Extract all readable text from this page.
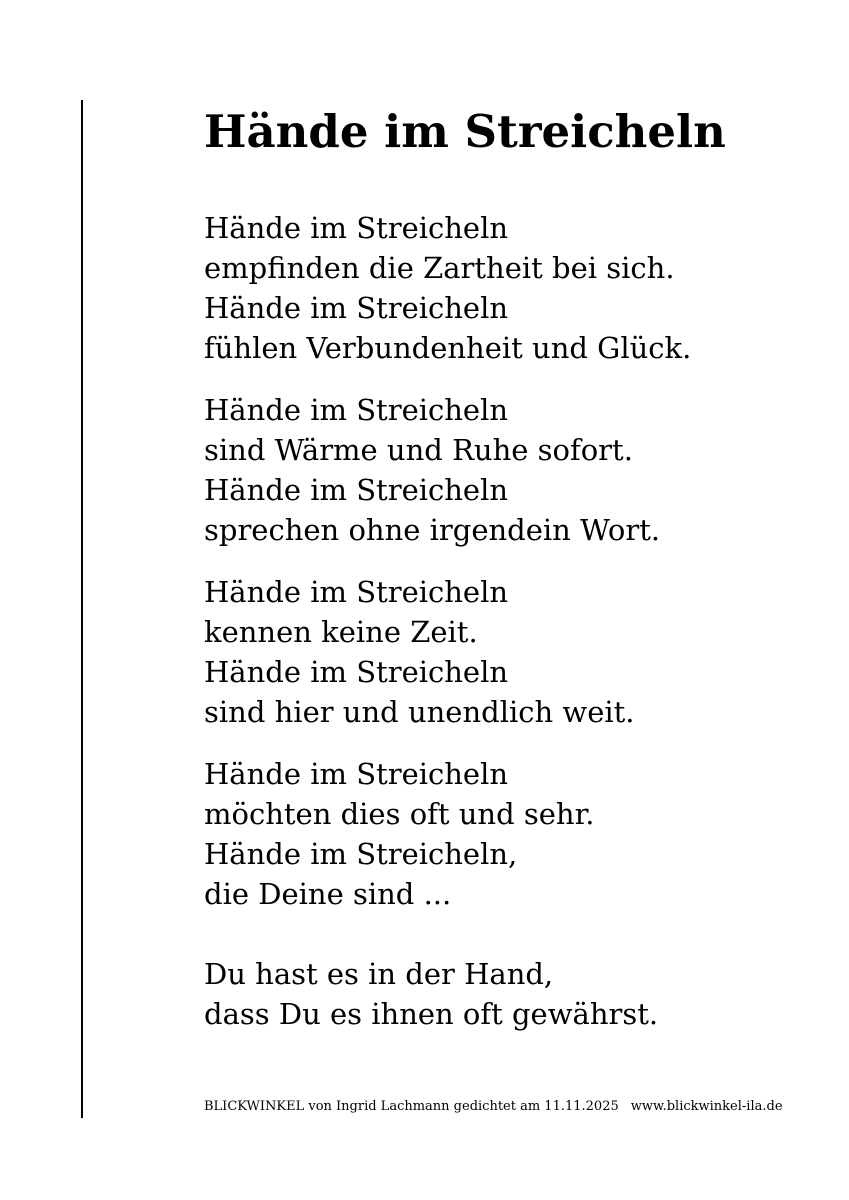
Hände im Streicheln
Hände im Streicheln
empfinden die Zartheit bei sich.
Hände im Streicheln
fühlen Verbundenheit und Glück.
Hände im Streicheln
sind Wärme und Ruhe sofort.
Hände im Streicheln
sprechen ohne irgendein Wort.
Hände im Streicheln
kennen keine Zeit.
Hände im Streicheln
sind hier und unendlich weit.
Hände im Streicheln
möchten dies oft und sehr.
Hände im Streicheln,
die Deine sind ...
Du hast es in der Hand,
dass Du es ihnen oft gewährst.
BLICKWINKEL von Ingrid Lachmann gedichtet am 11.11.2025 www.blickwinkel-ila.de
